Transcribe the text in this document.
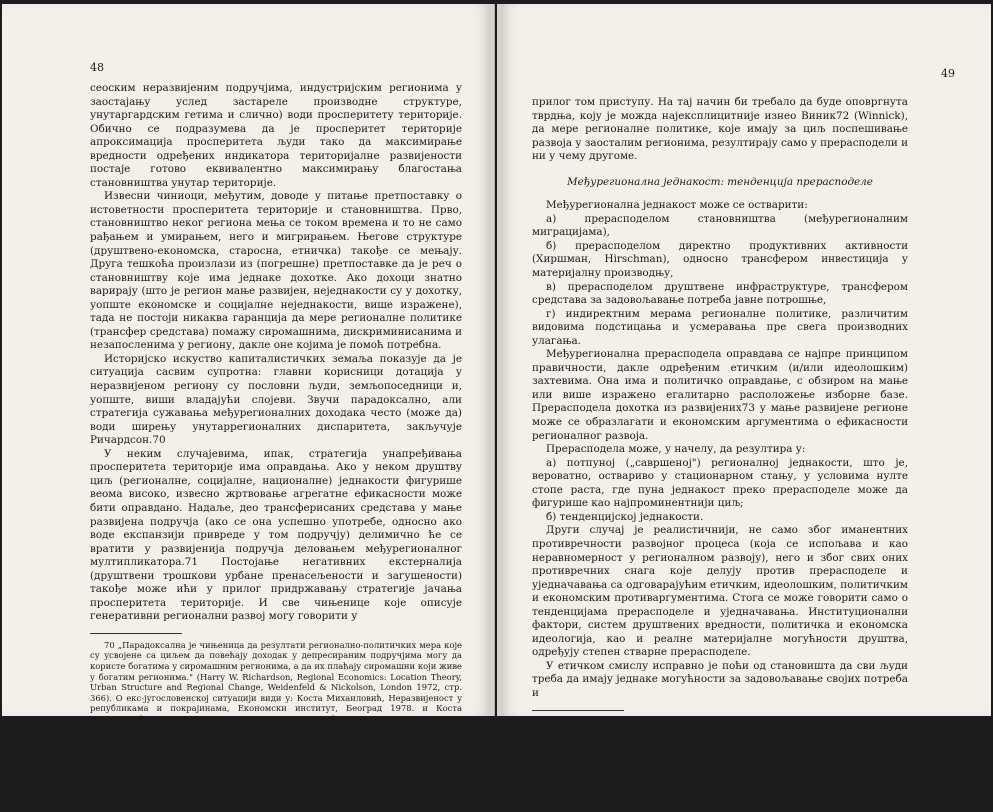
48

сеоским неразвијеним подручјима, индустријским регионима у заостајању услед застареле производне структуре, унутаргардским гетима и слично) води просперитету територије. Обично се подразумева да је просперитет територије апроксимација просперитета људи тако да максимирање вредности одређених индикатора територијалне развијености постаје готово еквивалентно максимирању благостања становништва унутар територије.

Извесни чиниоци, међутим, доводе у питање претпоставку о истоветности просперитета територије и становништва. Прво, становништво неког региона мења се током времена и то не само рађањем и умирањем, него и мигрирањем. Његове структуре (друштвено-економска, старосна, етничка) такође се мењају. Друга тешкоћа произлази из (погрешне) претпоставке да је реч о становништву које има једнаке дохотке. Ако дохоци знатно варирају (што је регион мање развијен, неједнакости су у дохотку, уопште економске и социјалне неједнакости, више изражене), тада не постоји никаква гаранција да мере регионалне политике (трансфер средстава) помажу сиромашнима, дискриминисанима и незапосленима у региону, дакле оне којима је помоћ потребна.

Историјско искуство капиталистичких земаља показује да је ситуација сасвим супротна: главни корисници дотација у неразвијеном региону су пословни људи, земљопоседници и, уопште, виши владајући слојеви. Звучи парадоксално, али стратегија сужавања међурегионалних доходака често (може да) води ширењу унутаррегионалних диспаритета, закључује Ричардсон.70

У неким случајевима, ипак, стратегија унапређивања просперитета територије има оправдања. Ако у неком друштву циљ (регионалне, социјалне, националне) једнакости фигурише веома високо, извесно жртвовање агрегатне ефикасности може бити оправдано. Надаље, део трансферисаних средстава у мање развијена подручја (ако се она успешно употребе, односно ако воде експанзији привреде у том подручју) делимично ће се вратити у развијенија подручја деловањем међурегионалног мултипликатора.71 Постојање негативних екстерналија (друштвени трошкови урбане пренасељености и загушености) такође може ићи у прилог придржавању стратегије јачања просперитета територије. И све чињенице које описује генеративни регионални развој могу говорити у

70 „Парадоксална је чињеница да резултати регионално-политичких мера које су усвојене са циљем да повећају доходак у депресираним подручјима могу да користе богатима у сиромашним регионима, а да их плаћају сиромашни који живе у богатим регионима." (Harry W. Richardson, Regional Economics: Location Theory, Urban Structure and Regional Change, Weidenfeld & Nickolson, London 1972, стр. 366). О екс-југословенској ситуацији види у: Коста Михаиловић, Неразвијеност у републикама и покрајинама, Економски институт, Београд 1978. и Коста Михаиловић, Унутрашње диференцијације у републикама и покрајинама, у: Неравномерни регионални развој у економској теорији и пракси, ур. К. Миловски et al., МАНУ, Скопје 1980, том I, стр. 121—139.

71 Види: J. Airov, Fiscal Policy Theory in an Interregional Economy: General Interregional Multipliers and their Application, RSA: Papers and Proceedings, 19, 1967, стр. 83—108; Бранко Хорват, Величина инвестиционих трансфера и њихова дистрибуција по неразвијеним подручјима, Економист, 2, 1981, стр. 165—175.

49

прилог том приступу. На тај начин би требало да буде оповргнута тврдња, коју је можда најексплицитније изнео Виник72 (Winnick), да мере регионалне политике, које имају за циљ поспешивање развоја у заосталим регионима, резултирају само у прерасподели и ни у чему другоме.

Међурегионална једнакост: тенденција прерасподеле

Међурегионална једнакост може се остварити:

а) прерасподелом становништва (међурегионалним миграцијама),

б) прерасподелом директно продуктивних активности (Хиршман, Hirschman), односно трансфером инвестиција у материјалну производњу,

в) прерасподелом друштвене инфраструктуре, трансфером средстава за задовољавање потреба јавне потрошње,

г) индиректним мерама регионалне политике, различитим видовима подстицања и усмеравања пре свега производних улагања.

Међурегионална прерасподела оправдава се најпре принципом правичности, дакле одређеним етичким (и/или идеолошким) захтевима. Она има и политичко оправдање, с обзиром на мање или више изражено егалитарно расположење изборне базе. Прерасподела дохотка из развијених73 у мање развијене регионе може се образлагати и економским аргументима о ефикасности регионалног развоја.

Прерасподела може, у начелу, да резултира у:

а) потпуној („савршеној") регионалној једнакости, што је, вероватно, оствариво у стационарном стању, у условима нулте стопе раста, где пуна једнакост преко прерасподеле може да фигурише као најпроминентнији циљ;

б) тенденцијској једнакости.

Други случај је реалистичнији, не само због иманентних противречности развојног процеса (која се испољава и као неравномерност у регионалном развоју), него и због свих оних противречних снага које делују против прерасподеле и уједначавања са одговарајућим етичким, идеолошким, политичким и економским противаргументима. Стога се може говорити само о тенденцијама прерасподеле и уједначавања. Институционални фактори, систем друштвених вредности, политичка и економска идеологија, као и реалне материјалне могућности друштва, одређују степен стварне прерасподеле.

У етичком смислу исправно је поћи од становишта да сви људи треба да имају једнаке могућности за задовољавање својих потреба и

72 L. Winnick, Place Prosperity versus People Prosperity: Welfare Consideration in the Geographical Redistribution of Economic Activity, у: Essays in Urban and Land Economics, UCLA, Los Angeles 1966, стр. 273—283.

73 Кад се говори о прерасподели, обично се мисли на прерасподелу у корист сиромашних. Теоријски, међутим, долази у обзир и (привремена?) прерасподела у корист развијених, при чему, као економски аргумент служи ефекат концентрације. У пракси се може замислити да је богатији регион и моћнији (утицајнији) и да је у стању да неким институционалним решењима наметне (невидљиву?) прерасподелу у своју корист.
